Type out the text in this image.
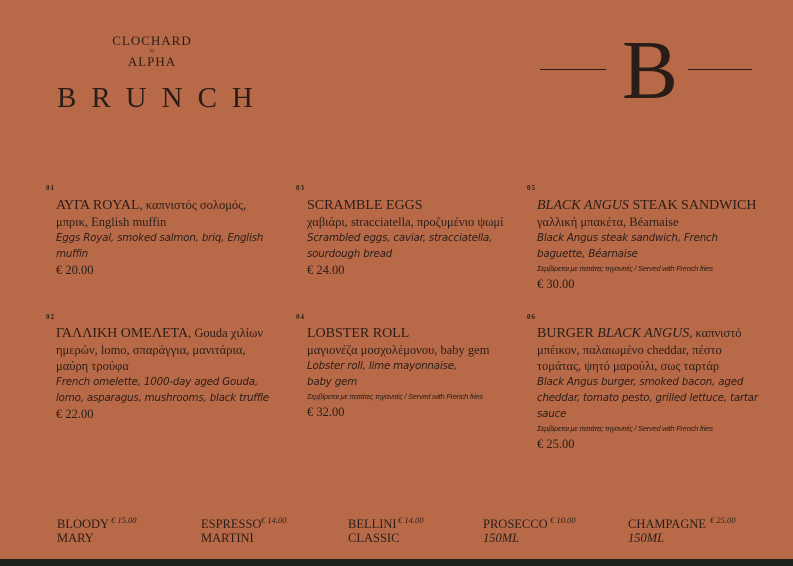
CLOCHARD
by
ALPHA
BRUNCH	B
01

ΑΥΓΑ ROYAL, καπνιστός σολομός, μπρικ, English muffin

Eggs Royal, smoked salmon, briq, English muffin

€ 20.00

02

ΓΑΛΛΙΚΗ ΟΜΕΛΕΤΑ, Gouda χιλίων ημερών, lomo, σπαράγγια, μανιτάρια, μαύρη τρούφα

French omelette, 1000-day aged Gouda, lomo, asparagus, mushrooms, black truffle

€ 22.00

03

SCRAMBLE EGGS

χαβιάρι, stracciatella, προζυμένιο ψωμί

Scrambled eggs, caviar, stracciatella, sourdough bread

€ 24.00

04

LOBSTER ROLL

μαγιονέζα μοσχολέμονου, baby gem

Lobster roll, lime mayonnaise, baby gem

Σερβίρεται με πατάτες τηγανιτές / Served with French fries

€ 32.00

05

BLACK ANGUS STEAK SANDWICH

γαλλική μπακέτα, Béarnaise

Black Angus steak sandwich, French baguette, Béarnaise

Σερβίρεται με πατάτες τηγανιτές / Served with French fries

€ 30.00

06

BURGER BLACK ANGUS, καπνιστό μπέικον, παλαιωμένο cheddar, πέστο τομάτας, ψητό μαρούλι, σως ταρτάρ

Black Angus burger, smoked bacon, aged cheddar, tomato pesto, grilled lettuce, tartar sauce

Σερβίρεται με πατάτες τηγανιτές / Served with French fries

€ 25.00

BLOODY € 15.00
MARY
ESPRESSO € 14.00
MARTINI
BELLINI € 14.00
CLASSIC
PROSECCO € 10.00
150ML
CHAMPAGNE € 25.00
150ML
